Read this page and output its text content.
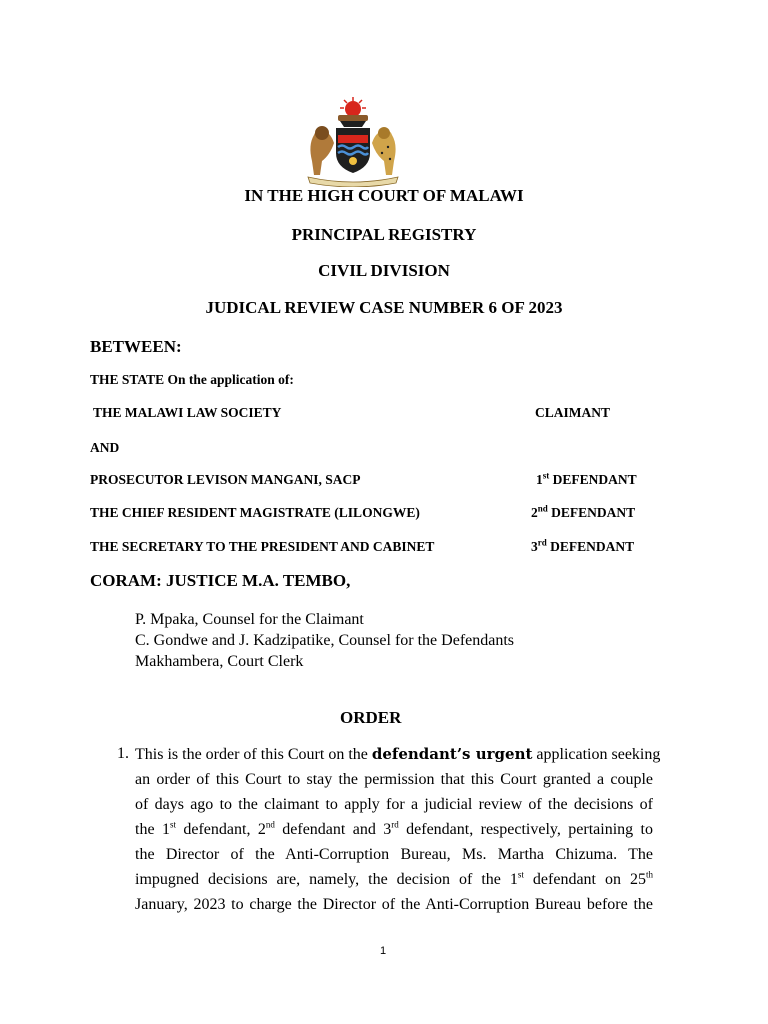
IN THE HIGH COURT OF MALAWI
PRINCIPAL REGISTRY
CIVIL DIVISION
JUDICAL REVIEW CASE NUMBER 6 OF 2023
BETWEEN:
THE STATE On the application of:
THE MALAWI LAW SOCIETY	CLAIMANT
AND
PROSECUTOR LEVISON MANGANI, SACP	1st DEFENDANT
THE CHIEF RESIDENT MAGISTRATE (LILONGWE)	2nd DEFENDANT
THE SECRETARY TO THE PRESIDENT AND CABINET	3rd DEFENDANT
CORAM: JUSTICE M.A. TEMBO,
P. Mpaka, Counsel for the Claimant
C. Gondwe and J. Kadzipatike, Counsel for the Defendants
Makhambera, Court Clerk
ORDER
1. This is the order of this Court on the defendant’s urgent application seeking
an order of this Court to stay the permission that this Court granted a couple
of days ago to the claimant to apply for a judicial review of the decisions of
the 1st defendant, 2nd defendant and 3rd defendant, respectively, pertaining to
the Director of the Anti-Corruption Bureau, Ms. Martha Chizuma. The
impugned decisions are, namely, the decision of the 1st defendant on 25th
January, 2023 to charge the Director of the Anti-Corruption Bureau before the
1
